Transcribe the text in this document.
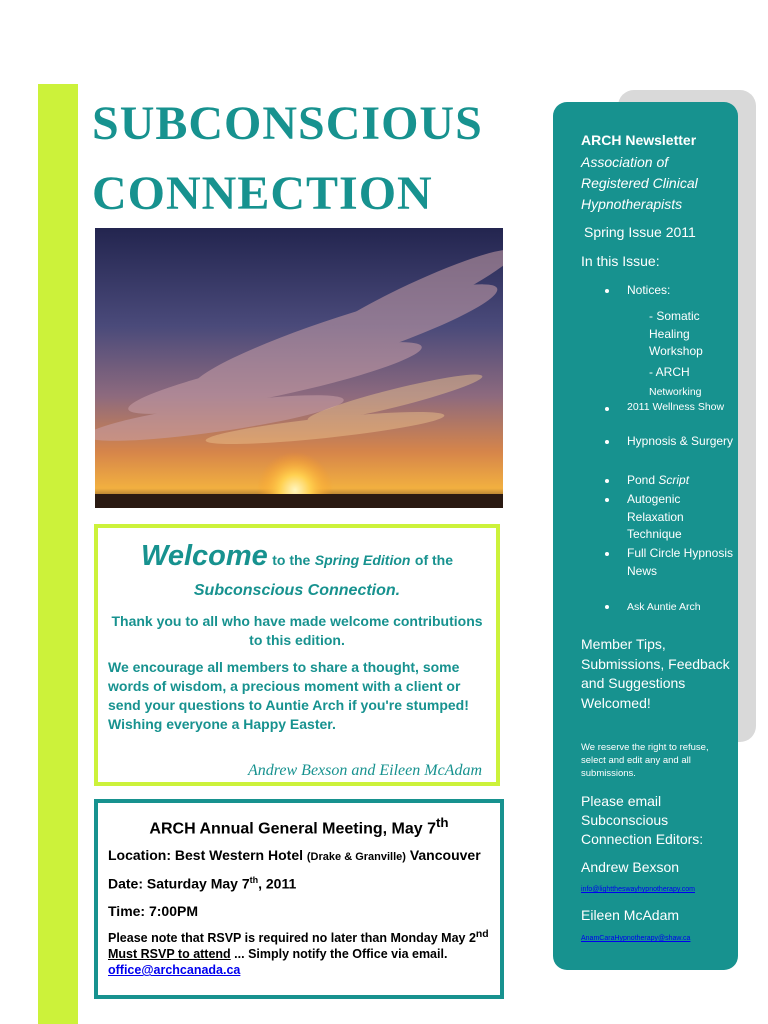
SUBCONSCIOUS
CONNECTION
Welcome to the Spring Edition of the
Subconscious Connection.

Thank you to all who have made welcome contributions to this edition.

We encourage all members to share a thought, some words of wisdom, a precious moment with a client or send your questions to Auntie Arch if you're stumped! Wishing everyone a Happy Easter.

Andrew Bexson and Eileen McAdam
ARCH Annual General Meeting, May 7th

Location: Best Western Hotel (Drake & Granville) Vancouver

Date: Saturday May 7th, 2011

Time: 7:00PM

Please note that RSVP is required no later than Monday May 2nd
Must RSVP to attend ... Simply notify the Office via email.
office@archcanada.ca

ARCH Newsletter

Association of Registered Clinical Hypnotherapists

Spring Issue 2011

In this Issue:

Notices:
- Somatic Healing Workshop
- ARCH
Networking
2011 Wellness Show
Hypnosis & Surgery
Pond Script
Autogenic Relaxation Technique
Full Circle Hypnosis News
Ask Auntie Arch

Member Tips, Submissions, Feedback and Suggestions Welcomed!

We reserve the right to refuse, select and edit any and all submissions.

Please email Subconscious Connection Editors:

Andrew Bexson

info@lighttheswayhypnotherapy.com

Eileen McAdam

AnamCaraHypnotherapy@shaw.ca
